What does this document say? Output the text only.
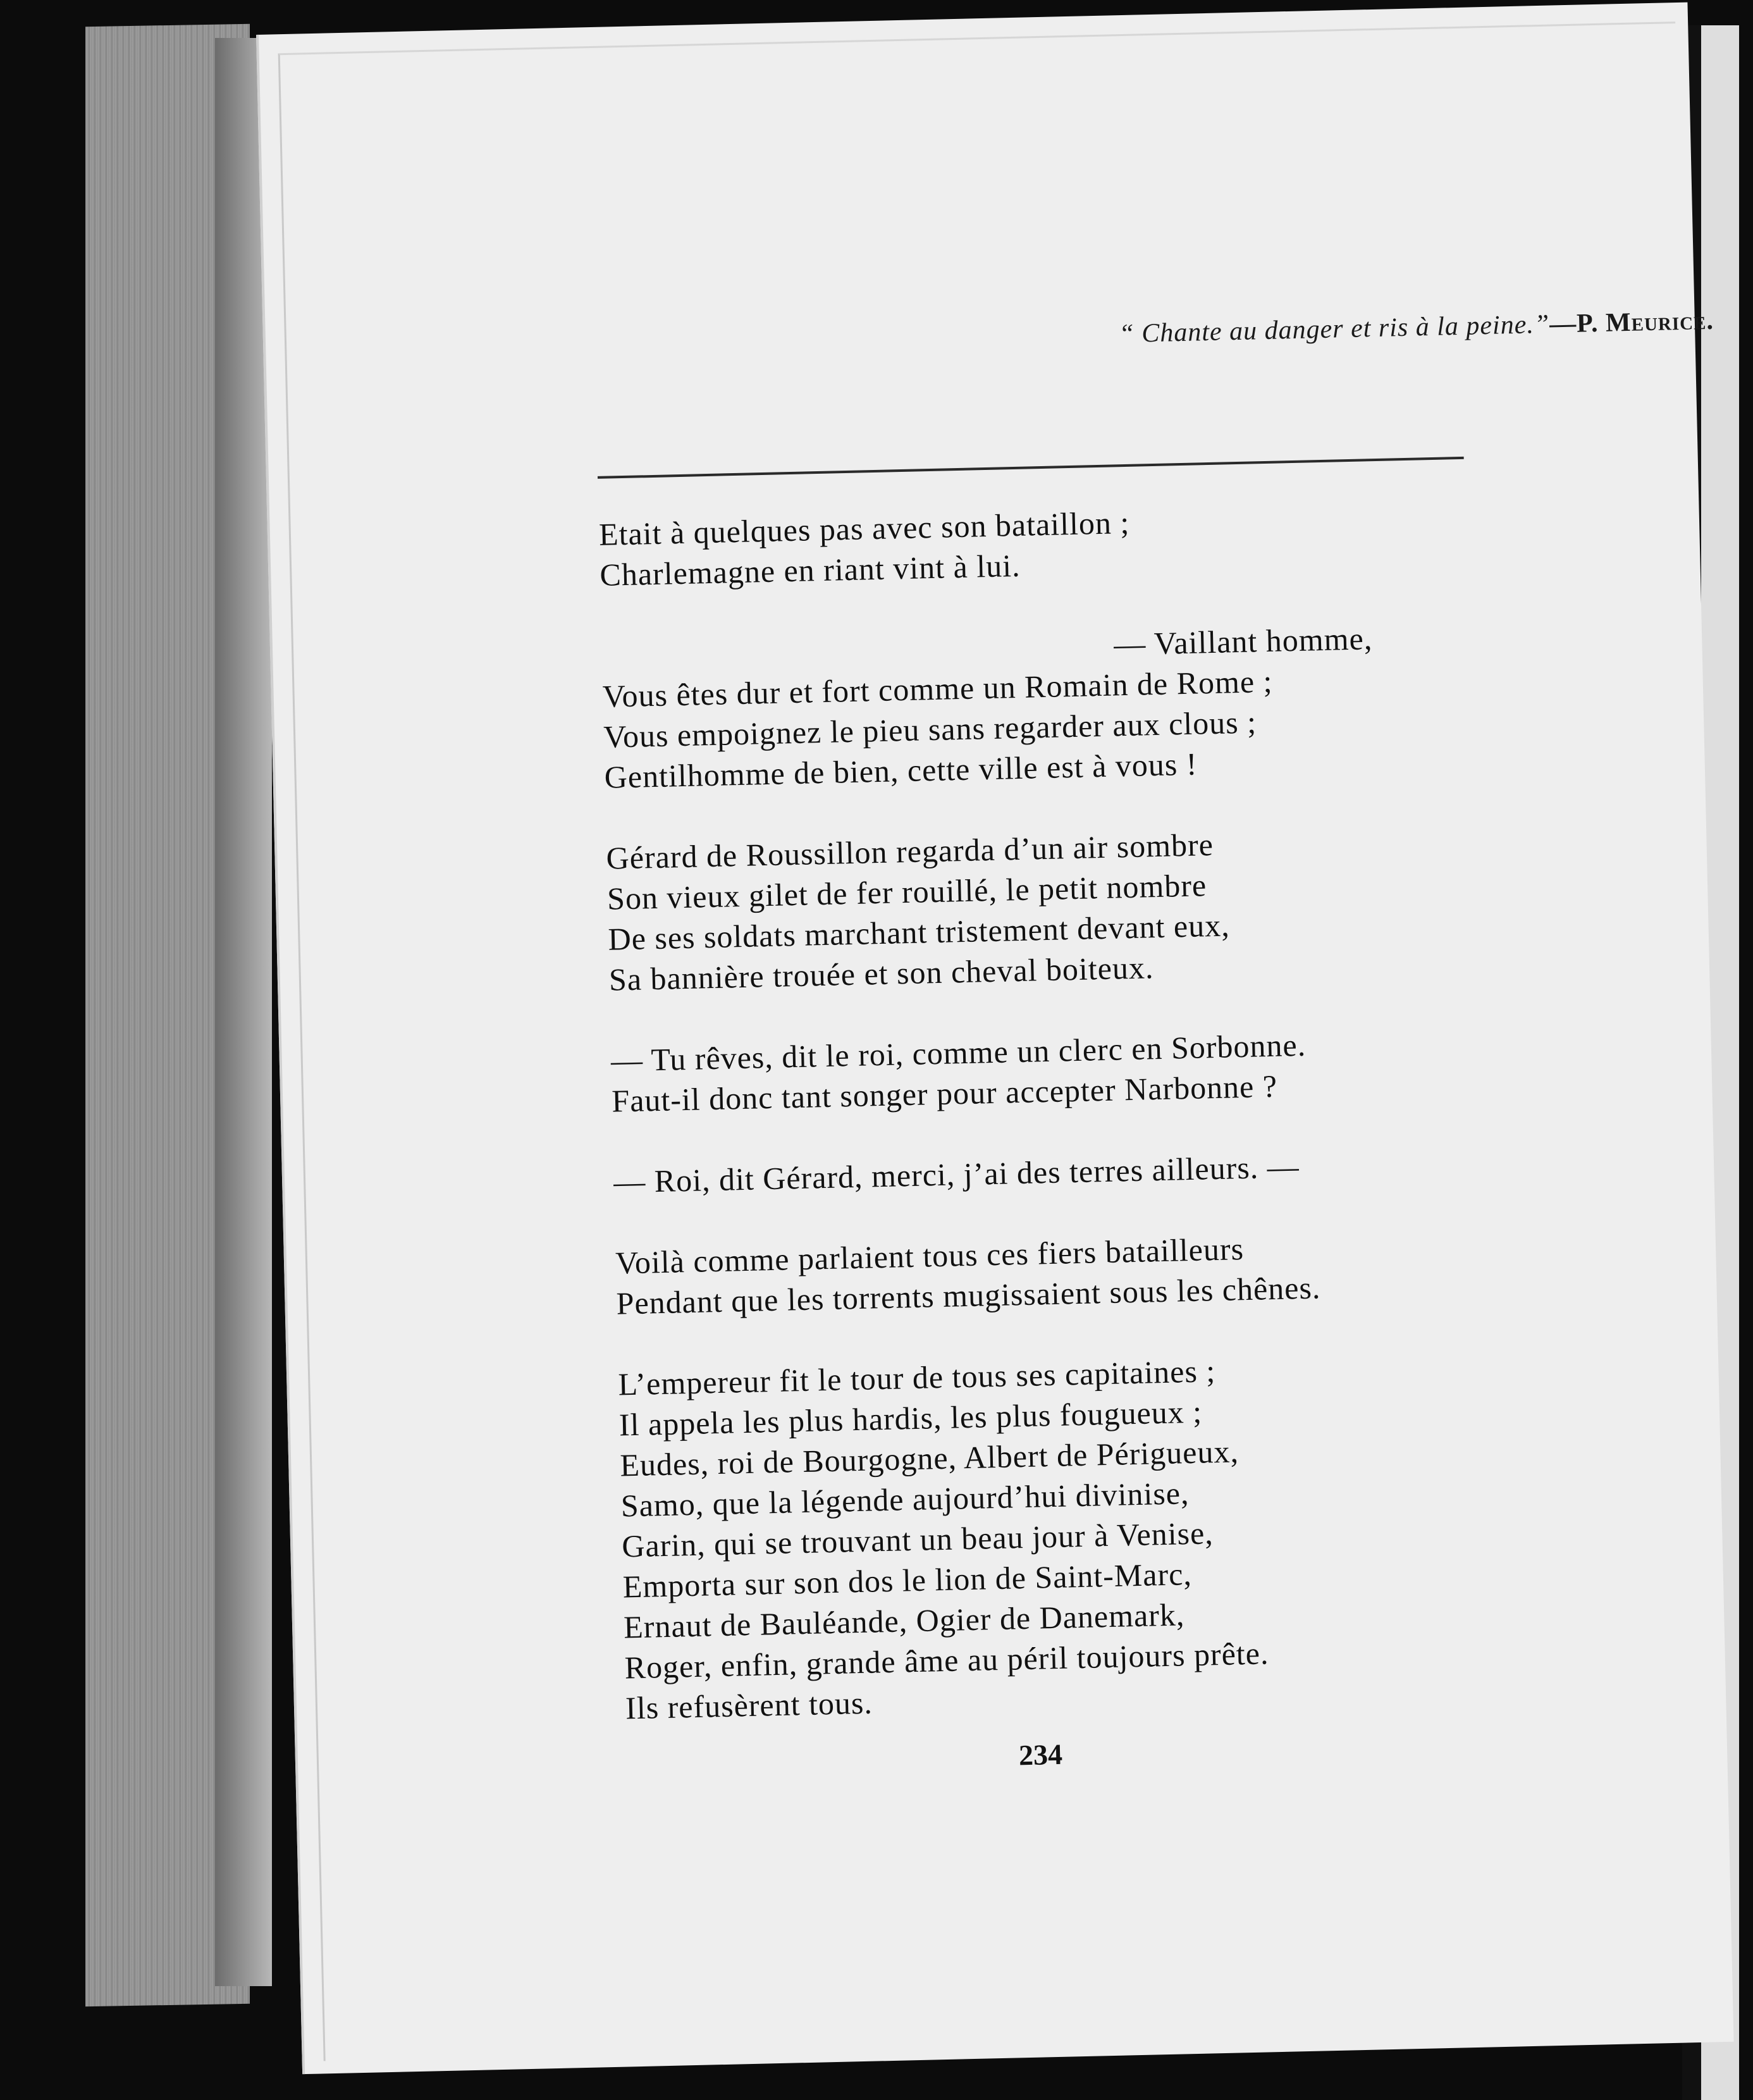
“ Chante au danger et ris à la peine.”—P. Meurice.
Etait à quelques pas avec son bataillon ;
Charlemagne en riant vint à lui.
— Vaillant homme,
Vous êtes dur et fort comme un Romain de Rome ;
Vous empoignez le pieu sans regarder aux clous ;
Gentilhomme de bien, cette ville est à vous !
Gérard de Roussillon regarda d’un air sombre
Son vieux gilet de fer rouillé, le petit nombre
De ses soldats marchant tristement devant eux,
Sa bannière trouée et son cheval boiteux.
— Tu rêves, dit le roi, comme un clerc en Sorbonne.
Faut-il donc tant songer pour accepter Narbonne ?
— Roi, dit Gérard, merci, j’ai des terres ailleurs. —
Voilà comme parlaient tous ces fiers batailleurs
Pendant que les torrents mugissaient sous les chênes.
L’empereur fit le tour de tous ses capitaines ;
Il appela les plus hardis, les plus fougueux ;
Eudes, roi de Bourgogne, Albert de Périgueux,
Samo, que la légende aujourd’hui divinise,
Garin, qui se trouvant un beau jour à Venise,
Emporta sur son dos le lion de Saint-Marc,
Ernaut de Bauléande, Ogier de Danemark,
Roger, enfin, grande âme au péril toujours prête.
Ils refusèrent tous.
234
